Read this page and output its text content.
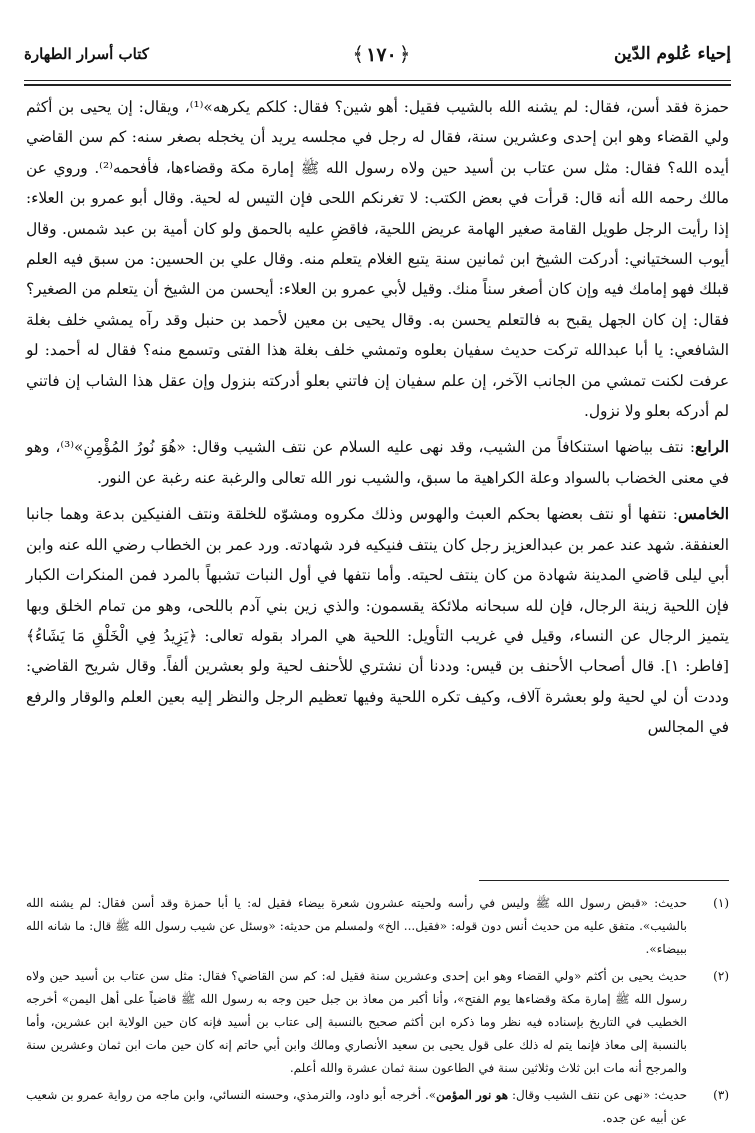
إحياء عُلوم الدّين
﴿١٧٠﴾
كتاب أسرار الطهارة

حمزة فقد أسن، فقال: لم يشنه الله بالشيب فقيل: أهو شين؟ فقال: كلكم يكرهه»⁽¹⁾، ويقال: إن يحيى بن أكثم ولي القضاء وهو ابن إحدى وعشرين سنة، فقال له رجل في مجلسه يريد أن يخجله بصغر سنه: كم سن القاضي أيده الله؟ فقال: مثل سن عتاب بن أسيد حين ولاه رسول الله ﷺ إمارة مكة وقضاءها، فأفحمه⁽²⁾. وروي عن مالك رحمه الله أنه قال: قرأت في بعض الكتب: لا تغرنكم اللحى فإن التيس له لحية. وقال أبو عمرو بن العلاء: إذا رأيت الرجل طويل القامة صغير الهامة عريض اللحية، فاقضِ عليه بالحمق ولو كان أمية بن عبد شمس. وقال أيوب السختياني: أدركت الشيخ ابن ثمانين سنة يتبع الغلام يتعلم منه. وقال علي بن الحسين: من سبق فيه العلم قبلك فهو إمامك فيه وإن كان أصغر سناً منك. وقيل لأبي عمرو بن العلاء: أيحسن من الشيخ أن يتعلم من الصغير؟ فقال: إن كان الجهل يقبح به فالتعلم يحسن به. وقال يحيى بن معين لأحمد بن حنبل وقد رآه يمشي خلف بغلة الشافعي: يا أبا عبدالله تركت حديث سفيان بعلوه وتمشي خلف بغلة هذا الفتى وتسمع منه؟ فقال له أحمد: لو عرفت لكنت تمشي من الجانب الآخر، إن علم سفيان إن فاتني بعلو أدركته بنزول وإن عقل هذا الشاب إن فاتني لم أدركه بعلو ولا نزول.

الرابع: نتف بياضها استنكافاً من الشيب، وقد نهى عليه السلام عن نتف الشيب وقال: «هُوَ نُورُ المُؤْمِنِ»⁽³⁾، وهو في معنى الخضاب بالسواد وعلة الكراهية ما سبق، والشيب نور الله تعالى والرغبة عنه رغبة عن النور.

الخامس: نتفها أو نتف بعضها بحكم العبث والهوس وذلك مكروه ومشوّه للخلقة ونتف الفنيكين بدعة وهما جانبا العنفقة. شهد عند عمر بن عبدالعزيز رجل كان ينتف فنيكيه فرد شهادته. ورد عمر بن الخطاب رضي الله عنه وابن أبي ليلى قاضي المدينة شهادة من كان ينتف لحيته. وأما نتفها في أول النبات تشبهاً بالمرد فمن المنكرات الكبار فإن اللحية زينة الرجال، فإن لله سبحانه ملائكة يقسمون: والذي زين بني آدم باللحى، وهو من تمام الخلق وبها يتميز الرجال عن النساء، وقيل في غريب التأويل: اللحية هي المراد بقوله تعالى: ﴿يَزِيدُ فِي الْخَلْقِ مَا يَشَاءُ﴾ [فاطر: ١]. قال أصحاب الأحنف بن قيس: وددنا أن نشتري للأحنف لحية ولو بعشرين ألفاً. وقال شريح القاضي: وددت أن لي لحية ولو بعشرة آلاف، وكيف تكره اللحية وفيها تعظيم الرجل والنظر إليه بعين العلم والوقار والرفع في المجالس

(١)
حديث: «قبض رسول الله ﷺ وليس في رأسه ولحيته عشرون شعرة بيضاء فقيل له: يا أبا حمزة وقد أسن فقال: لم يشنه الله بالشيب». متفق عليه من حديث أنس دون قوله: «فقيل... الخ» ولمسلم من حديثه: «وسئل عن شيب رسول الله ﷺ قال: ما شانه الله ببيضاء».
(٢)
حديث يحيى بن أكثم «ولي القضاء وهو ابن إحدى وعشرين سنة فقيل له: كم سن القاضي؟ فقال: مثل سن عتاب بن أسيد حين ولاه رسول الله ﷺ إمارة مكة وقضاءها يوم الفتح»، وأنا أكبر من معاذ بن جبل حين وجه به رسول الله ﷺ قاضياً على أهل اليمن» أخرجه الخطيب في التاريخ بإسناده فيه نظر وما ذكره ابن أكثم صحيح بالنسبة إلى عتاب بن أسيد فإنه كان حين الولاية ابن عشرين، وأما بالنسبة إلى معاذ فإنما يتم له ذلك على قول يحيى بن سعيد الأنصاري ومالك وابن أبي حاتم إنه كان حين مات ابن ثمان وعشرين سنة والمرجح أنه مات ابن ثلاث وثلاثين سنة في الطاعون سنة ثمان عشرة والله أعلم.
(٣)
حديث: «نهى عن نتف الشيب وقال: هو نور المؤمن». أخرجه أبو داود، والترمذي، وحسنه النسائي، وابن ماجه من رواية عمرو بن شعيب عن أبيه عن جده.
